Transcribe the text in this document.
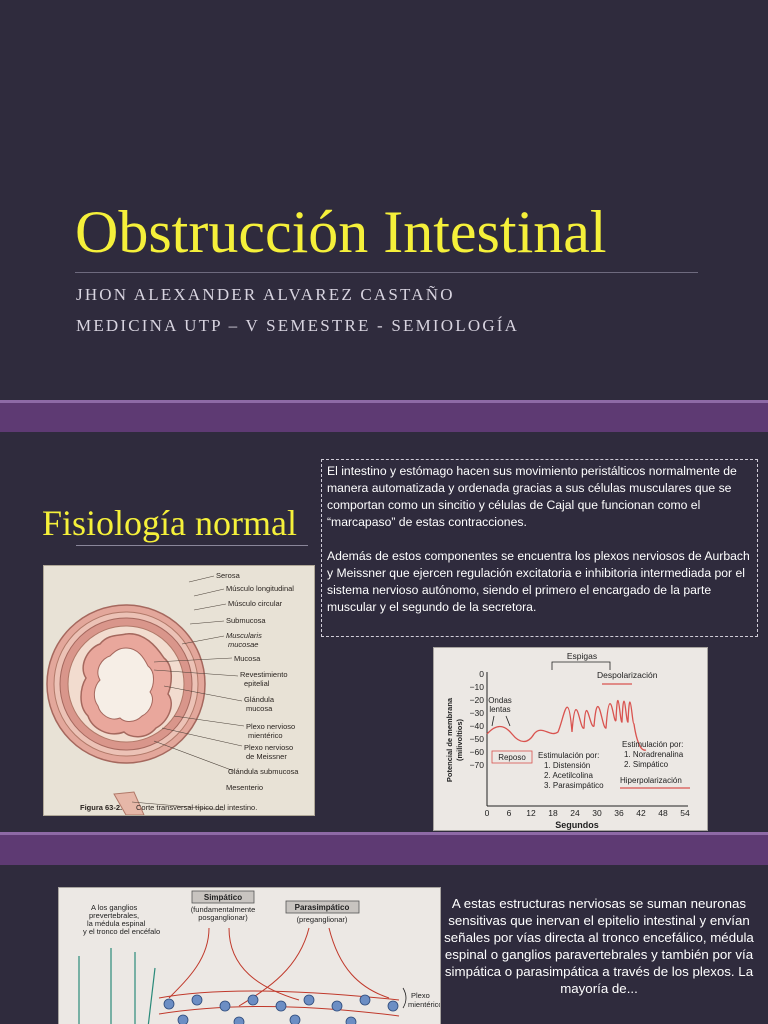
Obstrucción Intestinal
JHON ALEXANDER ALVAREZ CASTAÑO
MEDICINA UTP – V SEMESTRE - SEMIOLOGÍA
Fisiología normal

El intestino y estómago hacen sus movimiento peristálticos normalmente de manera automatizada y ordenada gracias a sus células musculares que se comportan como un sincitio y células de Cajal que funcionan como el “marcapaso” de estas contracciones.

Además de estos componentes se encuentra los plexos nerviosos de Aurbach y Meissner que ejercen regulación excitatoria e inhibitoria intermediada por el sistema nervioso autónomo, siendo el primero el encargado de la parte muscular y el segundo de la secretora.

Serosa
Músculo longitudinal
Músculo circular
Submucosa
Muscularis
mucosae
Mucosa
Revestimiento
epitelial
Glándula
mucosa
Plexo nervioso
mientérico
Plexo nervioso
de Meissner
Glándula submucosa
Mesenterio
Figura 63-2. Corte transversal típico del intestino.
0
−10
−20
−30
−40
−50
−60
−70
0 6 12 18 24 30 36 42 48 54
Segundos
Potencial de membrana (milivoltios)
Espigas
Despolarización
Ondas
lentas
Reposo Estimulación por:
1. Distensión
2. Acetilcolina
3. Parasimpático
Estimulación por:
1. Noradrenalina
2. Simpático
Hiperpolarización
A los ganglios
prevertebrales,
la médula espinal
y el tronco del encéfalo
Simpático
(fundamentalmente
posganglionar)
Parasimpático
(preganglionar)
Plexo
mientérico
A estas estructuras nerviosas se suman neuronas sensitivas que inervan el epitelio intestinal y envían señales por vías directa al tronco encefálico, médula espinal o ganglios paravertebrales y también por vía simpática o parasimpática a través de los plexos. La mayoría de...
